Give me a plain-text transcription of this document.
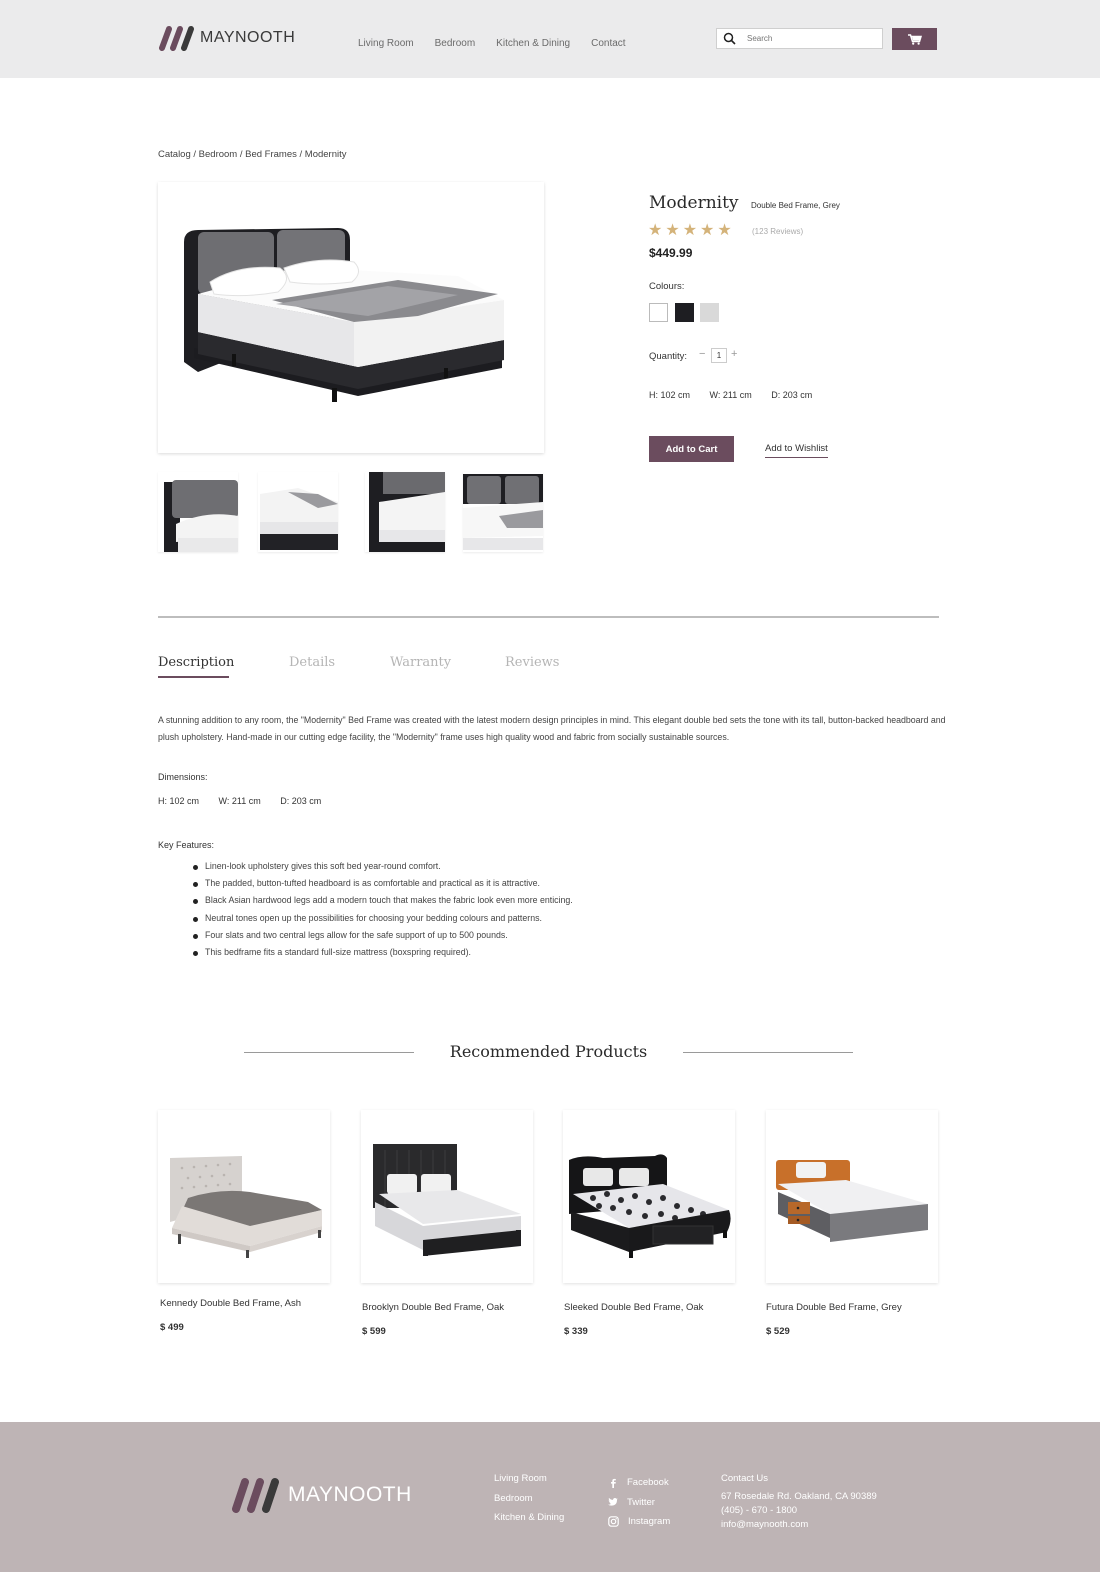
MAYNOOTH	Living Room Bedroom Kitchen & Dining Contact
Search
Catalog / Bedroom / Bed Frames / Modernity
Modernity Double Bed Frame, Grey
★ ★ ★ ★ ★	(123 Reviews)
$449.99
Colours:
Quantity: −	1 +
H: 102 cm W: 211 cm D: 203 cm
Add to Cart	Add to Wishlist
Description	Details	Warranty	Reviews
A stunning addition to any room, the "Modernity" Bed Frame was created with the latest modern design principles in mind. This elegant double bed sets the tone with its tall, button-backed headboard and plush upholstery. Hand-made in our cutting edge facility, the "Modernity" frame uses high quality wood and fabric from socially sustainable sources.
Dimensions:
H: 102 cm W: 211 cm D: 203 cm
Key Features:
Linen-look upholstery gives this soft bed year-round comfort.
The padded, button-tufted headboard is as comfortable and practical as it is attractive.
Black Asian hardwood legs add a modern touch that makes the fabric look even more enticing.
Neutral tones open up the possibilities for choosing your bedding colours and patterns.
Four slats and two central legs allow for the safe support of up to 500 pounds.
This bedframe fits a standard full-size mattress (boxspring required).
Recommended Products
Kennedy Double Bed Frame, Ash
$ 499
Brooklyn Double Bed Frame, Oak
$ 599
Sleeked Double Bed Frame, Oak
$ 339
Futura Double Bed Frame, Grey
$ 529
MAYNOOTH
Living Room
Bedroom
Kitchen & Dining
Facebook
Twitter
Instagram
Contact Us
67 Rosedale Rd. Oakland, CA 90389
(405) - 670 - 1800
info@maynooth.com
